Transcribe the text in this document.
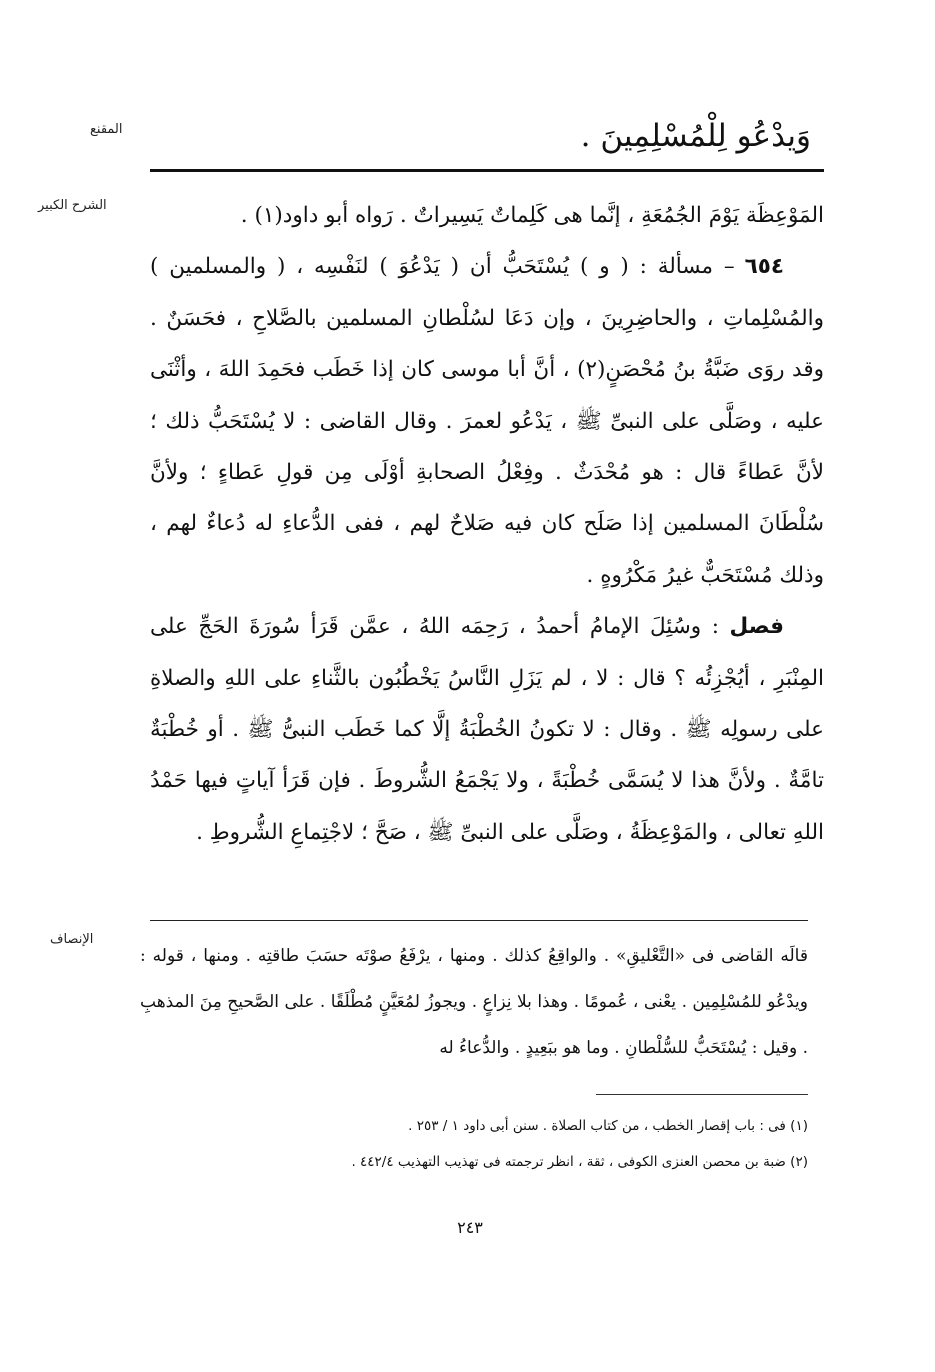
المقنع	وَيدْعُو لِلْمُسْلِمِينَ .
الشرح الكبير	المَوْعِظَة يَوْمَ الجُمُعَةِ ، إنَّما هى كَلِماتٌ يَسِيراتٌ . رَواه أبو داود(١) .

٦٥٤– مسألة : ( و ) يُسْتَحَبُّ أن ( يَدْعُوَ ) لنَفْسِه ، ( والمسلمين ) والمُسْلِماتِ ، والحاضِرِينَ ، وإن دَعَا لسُلْطانِ المسلمين بالصَّلاحِ ، فحَسَنٌ . وقد روَى ضَبَّةُ بنُ مُحْصَنٍ(٢) ، أنَّ أبا موسى كان إذا خَطَب فحَمِدَ اللهَ ، وأثْنَى عليه ، وصَلَّى على النبىِّ ﷺ ، يَدْعُو لعمرَ . وقال القاضى : لا يُسْتَحَبُّ ذلك ؛ لأنَّ عَطاءً قال : هو مُحْدَثٌ . وفِعْلُ الصحابةِ أوْلَى مِن قولِ عَطاءٍ ؛ ولأنَّ سُلْطَانَ المسلمين إذا صَلَح كان فيه صَلاحٌ لهم ، ففى الدُّعاءِ له دُعاءٌ لهم ، وذلك مُسْتَحَبٌّ غيرُ مَكْرُوهٍ .

فصل : وسُئِلَ الإمامُ أحمدُ ، رَحِمَه اللهُ ، عمَّن قَرَأ سُورَةَ الحَجِّ على المِنْبَرِ ، أيُجْزِئُه ؟ قال : لا ، لم يَزَلِ النَّاسُ يَخْطُبُون بالثَّناءِ على اللهِ والصلاةِ على رسولِه ﷺ . وقال : لا تكونُ الخُطْبَةُ إلَّا كما خَطَب النبىُّ ﷺ . أو خُطْبَةٌ تامَّةٌ . ولأنَّ هذا لا يُسَمَّى خُطْبَةً ، ولا يَجْمَعُ الشُّروطَ . فإن قَرَأ آياتٍ فيها حَمْدُ اللهِ تعالى ، والمَوْعِظَةُ ، وصَلَّى على النبىِّ ﷺ ، صَحَّ ؛ لاجْتِماعِ الشُّروطِ .

الإنصاف

قالَه القاضى فى «التَّعْليقِ» . والواقِعُ كذلك . ومنها ، يرْفَعُ صوْتَه حسَبَ طاقتِه . ومنها ، قوله : ويدْعُو للمُسْلِمِين . يعْنى ، عُمومًا . وهذا بلا نِزاعٍ . ويجوزُ لمُعَيَّنٍ مُطْلَقًا . على الصَّحيحِ مِنَ المذهبِ . وقيل : يُسْتَحَبُّ للسُّلْطانِ . وما هو ببَعِيدٍ . والدُّعاءُ له

(١) فى : باب إقصار الخطب ، من كتاب الصلاة . سنن أبى داود ١ / ٢٥٣ .

(٢) ضبة بن محصن العنزى الكوفى ، ثقة ، انظر ترجمته فى تهذيب التهذيب ٤٤٢/٤ .

٢٤٣
